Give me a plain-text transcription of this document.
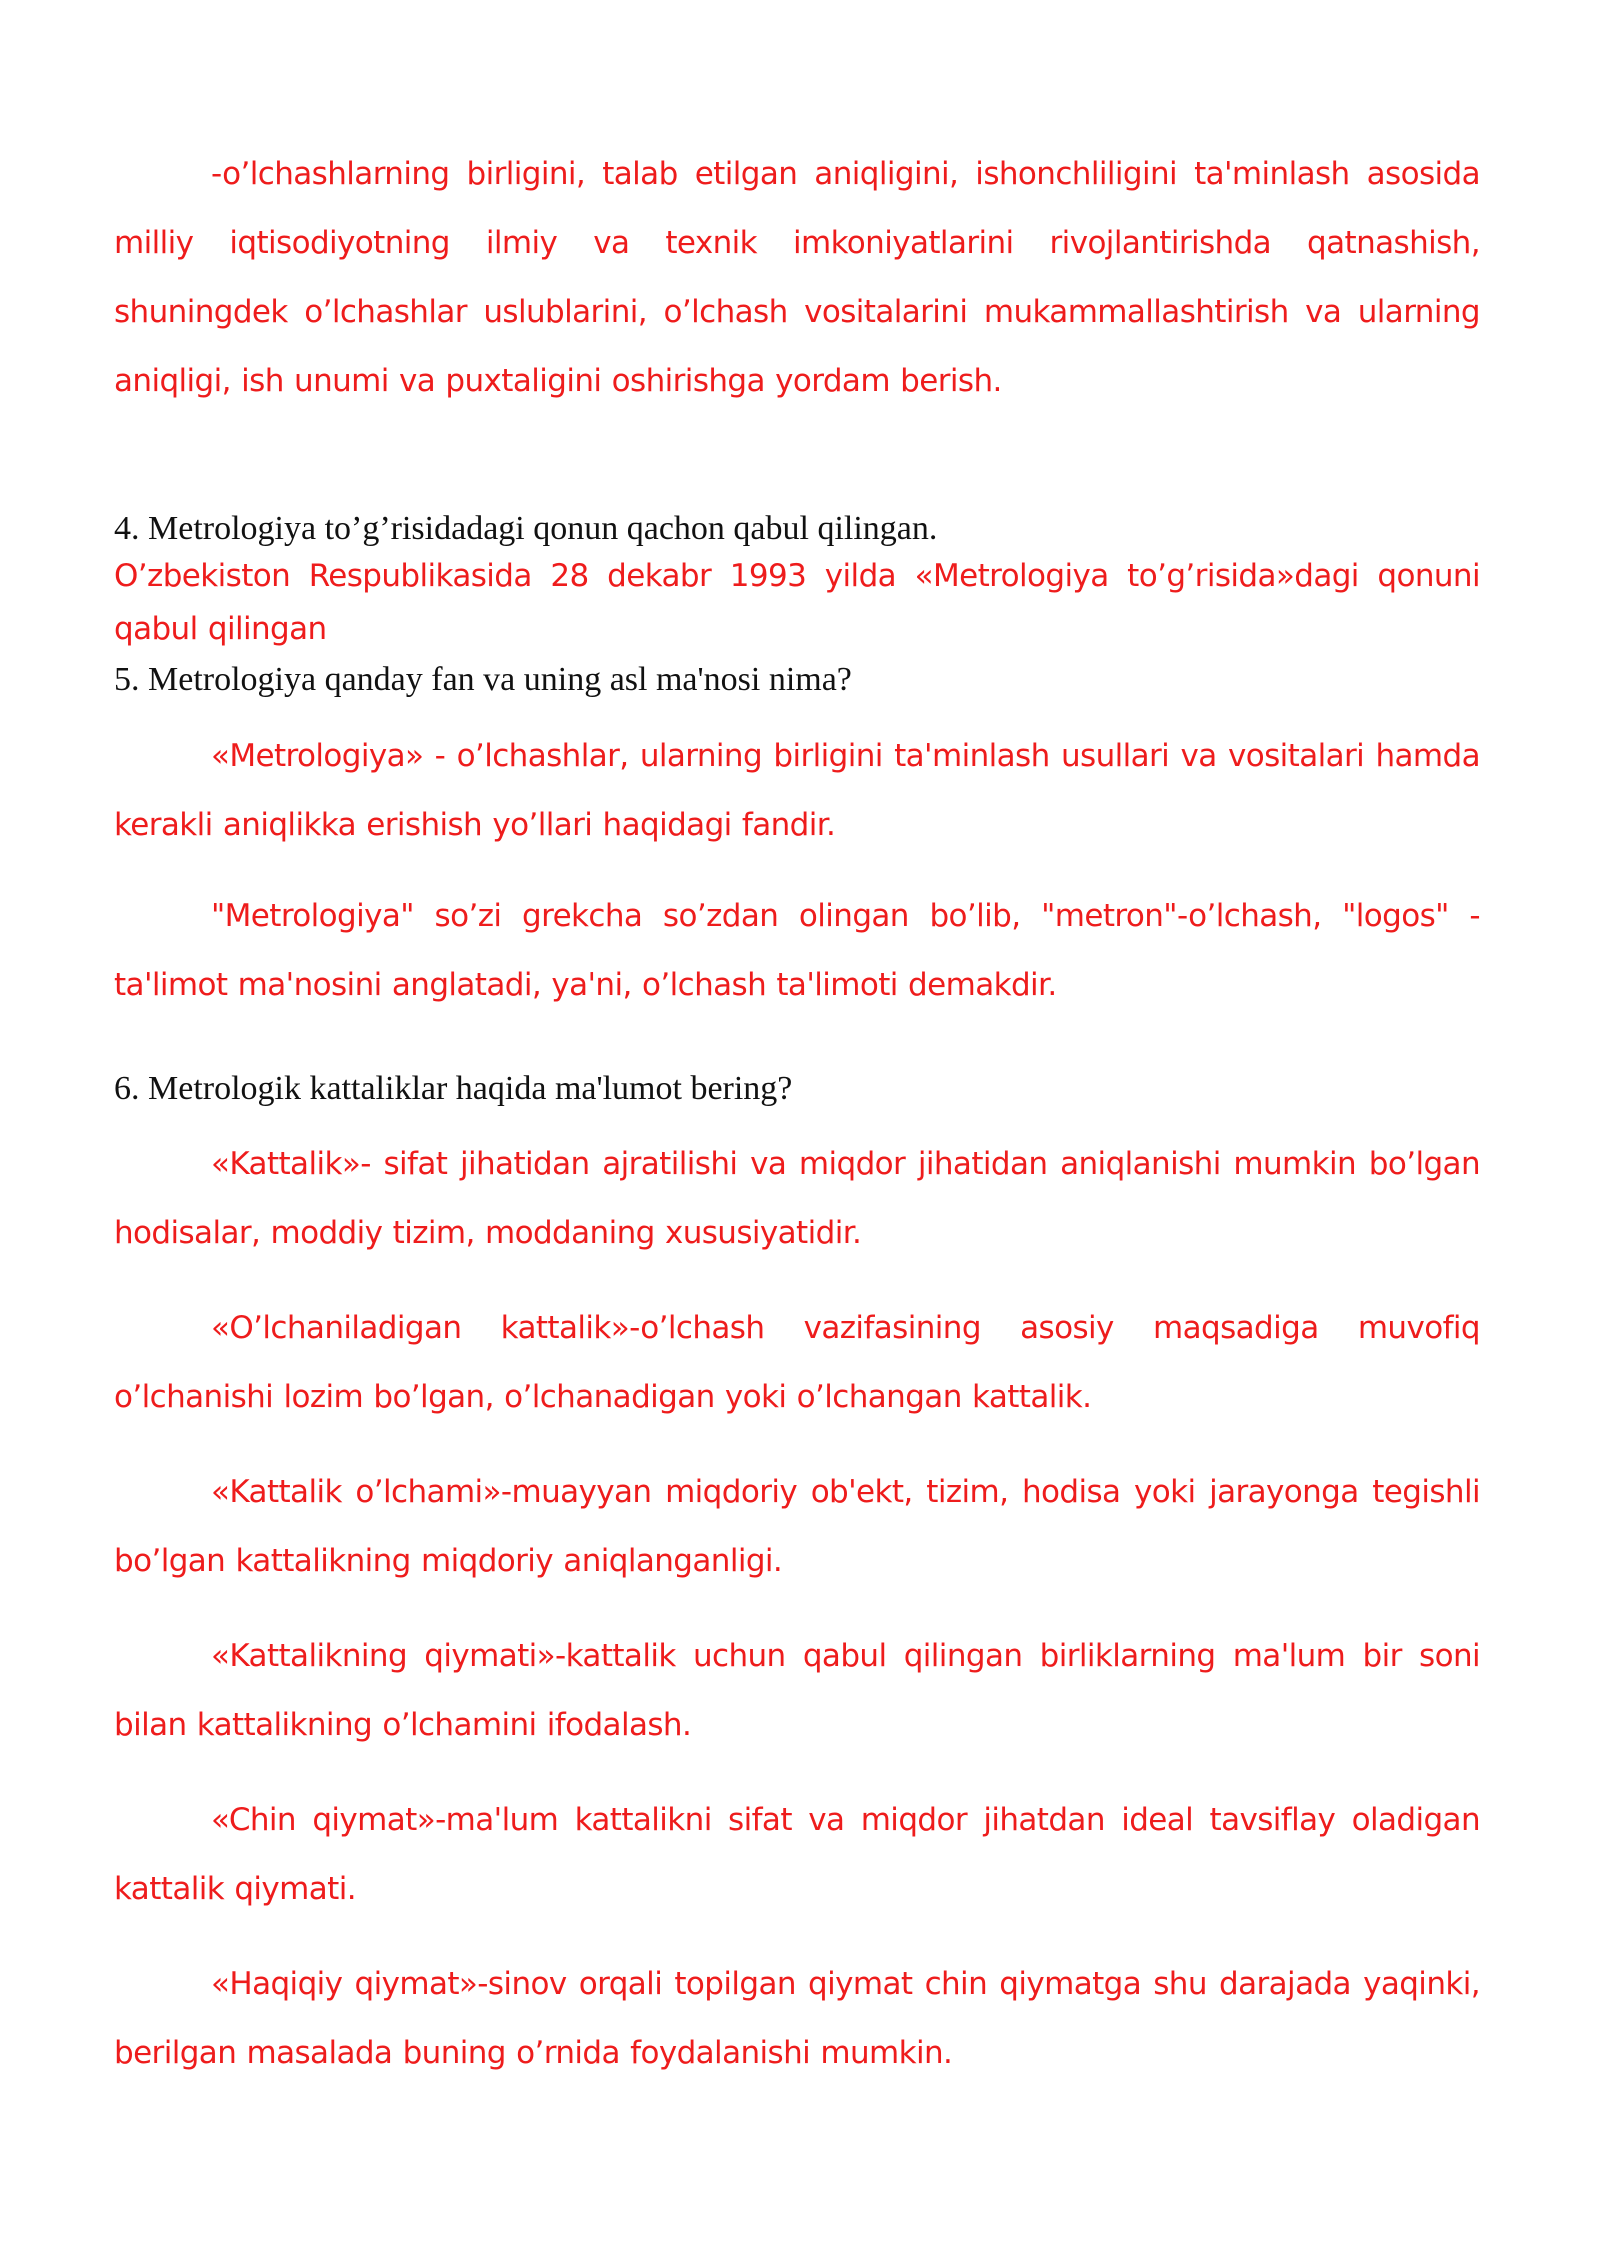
-o’lchashlarning birligini, talab etilgan aniqligini, ishonchliligini ta'minlash asosida milliy iqtisodiyotning ilmiy va texnik imkoniyatlarini rivojlantirishda qatnashish, shuningdek o’lchashlar uslublarini, o’lchash vositalarini mukammallashtirish va ularning aniqligi, ish unumi va puxtaligini oshirishga yordam berish.

4. Metrologiya to’g’risidadagi qonun qachon qabul qilingan.

O’zbekiston Respublikasida 28 dekabr 1993 yilda «Metrologiya to’g’risida»dagi qonuni qabul qilingan

5. Metrologiya qanday fan va uning asl ma'nosi nima?

«Metrologiya» - o’lchashlar, ularning birligini ta'minlash usullari va vositalari hamda kerakli aniqlikka erishish yo’llari haqidagi fandir.

"Metrologiya" so’zi grekcha so’zdan olingan bo’lib, "metron"-o’lchash, "logos" - ta'limot ma'nosini anglatadi, ya'ni, o’lchash ta'limoti demakdir.

6. Metrologik kattaliklar haqida ma'lumot bering?

«Kattalik»- sifat jihatidan ajratilishi va miqdor jihatidan aniqlanishi mumkin bo’lgan hodisalar, moddiy tizim, moddaning xususiyatidir.

«O’lchaniladigan kattalik»-o’lchash vazifasining asosiy maqsadiga muvofiq o’lchanishi lozim bo’lgan, o’lchanadigan yoki o’lchangan kattalik.

«Kattalik o’lchami»-muayyan miqdoriy ob'ekt, tizim, hodisa yoki jarayonga tegishli bo’lgan kattalikning miqdoriy aniqlanganligi.

«Kattalikning qiymati»-kattalik uchun qabul qilingan birliklarning ma'lum bir soni bilan kattalikning o’lchamini ifodalash.

«Chin qiymat»-ma'lum kattalikni sifat va miqdor jihatdan ideal tavsiflay oladigan kattalik qiymati.

«Haqiqiy qiymat»-sinov orqali topilgan qiymat chin qiymatga shu darajada yaqinki, berilgan masalada buning o’rnida foydalanishi mumkin.
